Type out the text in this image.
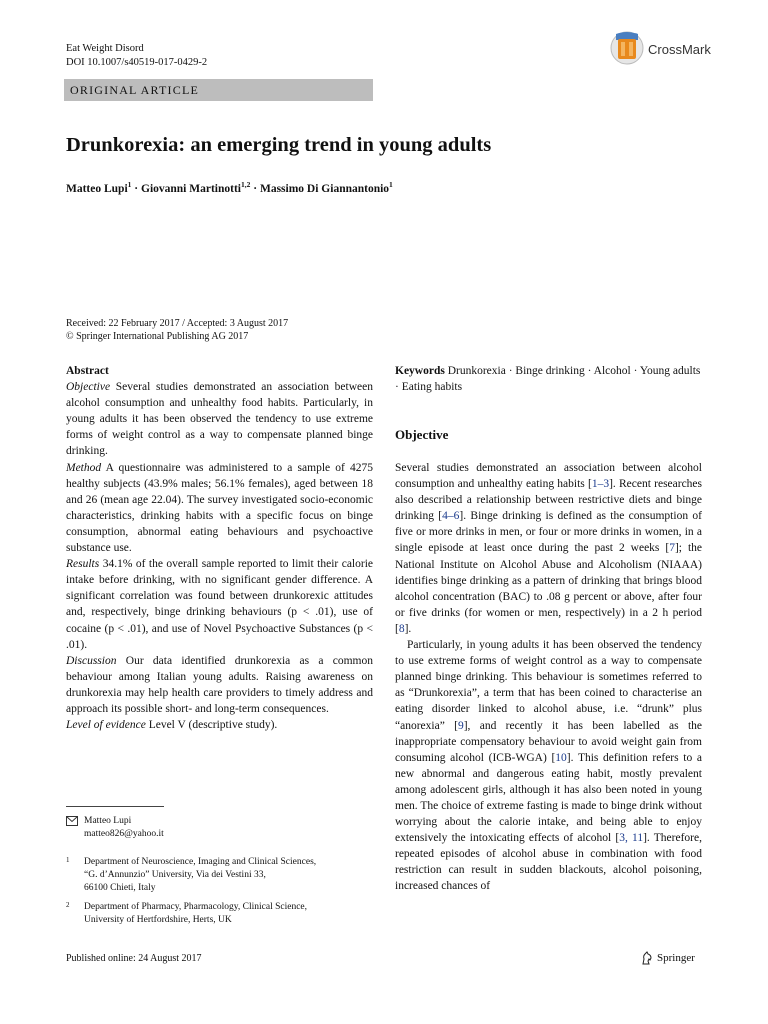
Eat Weight Disord
DOI 10.1007/s40519-017-0429-2
CrossMark
ORIGINAL ARTICLE
Drunkorexia: an emerging trend in young adults
Matteo Lupi$^1$ · Giovanni Martinotti$^{1,2}$ · Massimo Di Giannantonio$^1$
Received: 22 February 2017 / Accepted: 3 August 2017
© Springer International Publishing AG 2017

Abstract

Objective Several studies demonstrated an association between alcohol consumption and unhealthy food habits. Particularly, in young adults it has been observed the tendency to use extreme forms of weight control as a way to compensate planned binge drinking.

Method A questionnaire was administered to a sample of 4275 healthy subjects (43.9% males; 56.1% females), aged between 18 and 26 (mean age 22.04). The survey investigated socio-economic characteristics, drinking habits with a specific focus on binge consumption, abnormal eating behaviours and psychoactive substance use.

Results 34.1% of the overall sample reported to limit their calorie intake before drinking, with no significant gender difference. A significant correlation was found between drunkorexic attitudes and, respectively, binge drinking behaviours (p < .01), use of cocaine (p < .01), and use of Novel Psychoactive Substances (p < .01).

Discussion Our data identified drunkorexia as a common behaviour among Italian young adults. Raising awareness on drunkorexia may help health care providers to timely address and approach its possible short- and long-term consequences.

Level of evidence Level V (descriptive study).

Keywords Drunkorexia · Binge drinking · Alcohol · Young adults · Eating habits
Objective

Several studies demonstrated an association between alcohol consumption and unhealthy eating habits [1–3]. Recent researches also described a relationship between restrictive diets and binge drinking [4–6]. Binge drinking is defined as the consumption of five or more drinks in men, or four or more drinks in women, in a single episode at least once during the past 2 weeks [7]; the National Institute on Alcohol Abuse and Alcoholism (NIAAA) identifies binge drinking as a pattern of drinking that brings blood alcohol concentration (BAC) to .08 g percent or above, after four or five drinks (for women or men, respectively) in a 2 h period [8].

Particularly, in young adults it has been observed the tendency to use extreme forms of weight control as a way to compensate planned binge drinking. This behaviour is sometimes referred to as “Drunkorexia”, a term that has been coined to characterise an eating disorder linked to alcohol abuse, i.e. “drunk” plus “anorexia” [9], and recently it has been labelled as the inappropriate compensatory behaviour to avoid weight gain from consuming alcohol (ICB-WGA) [10]. This definition refers to a new abnormal and dangerous eating habit, mostly prevalent among adolescent girls, although it has also been noted in young men. The choice of extreme fasting is made to binge drink without worrying about the calorie intake, and being able to enjoy extensively the intoxicating effects of alcohol [3, 11]. Therefore, repeated episodes of alcohol abuse in combination with food restriction can result in sudden blackouts, alcohol poisoning, increased chances of

Matteo Lupi
matteo826@yahoo.it
1 Department of Neuroscience, Imaging and Clinical Sciences,
“G. d’Annunzio” University, Via dei Vestini 33,
66100 Chieti, Italy
2 Department of Pharmacy, Pharmacology, Clinical Science,
University of Hertfordshire, Herts, UK
Published online: 24 August 2017	Springer
